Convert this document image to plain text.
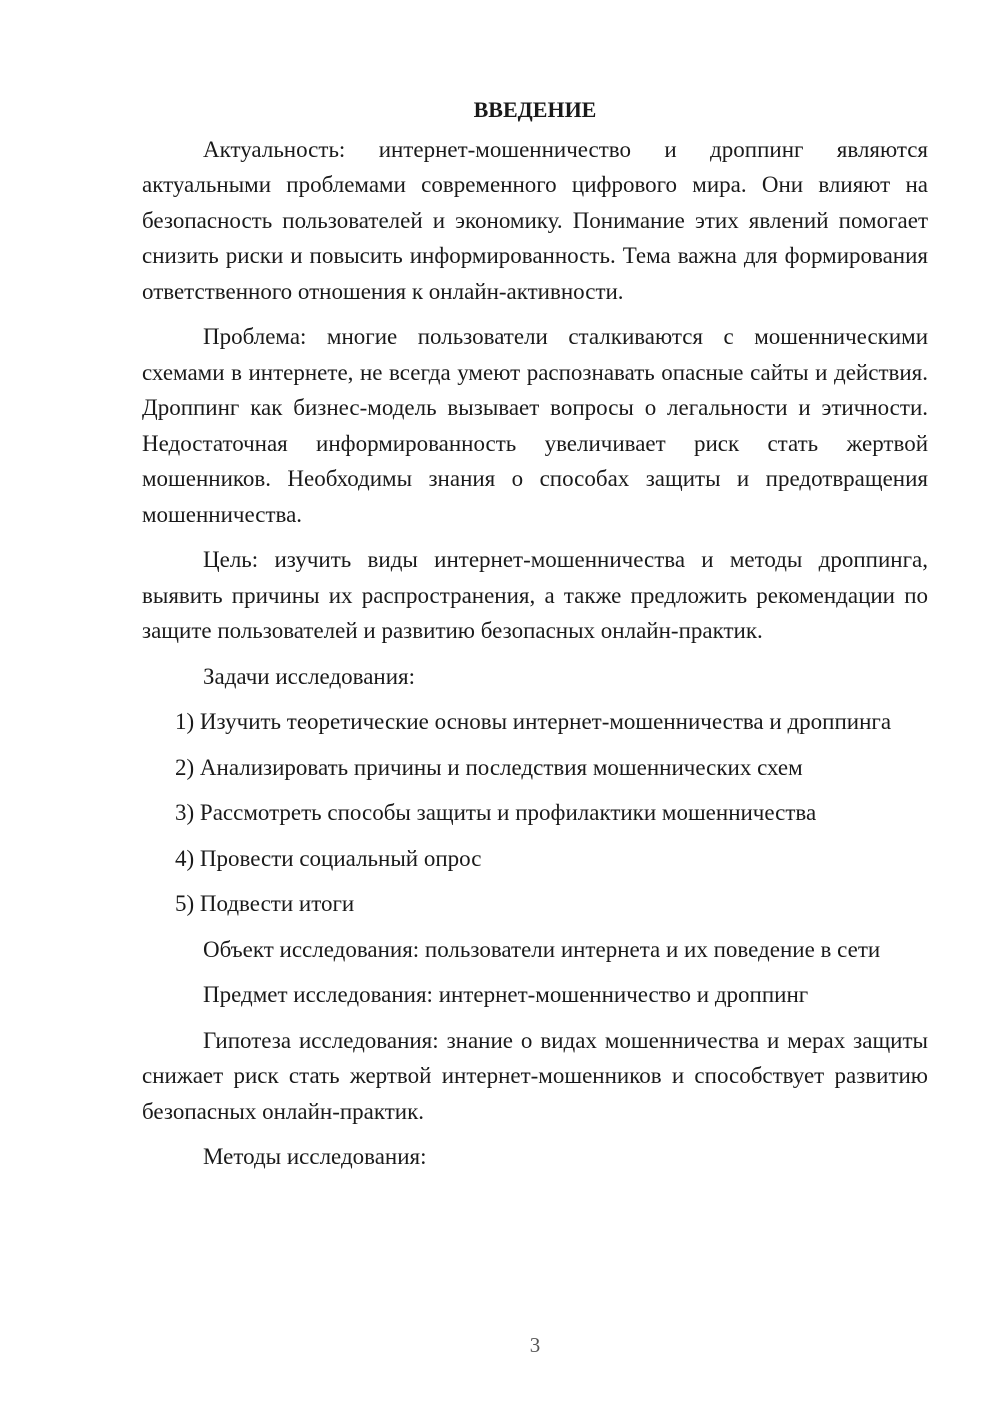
ВВЕДЕНИЕ

Актуальность: интернет-мошенничество и дроппинг являются актуальными проблемами современного цифрового мира. Они влияют на безопасность пользователей и экономику. Понимание этих явлений помогает снизить риски и повысить информированность. Тема важна для формирования ответственного отношения к онлайн-активности.

Проблема: многие пользователи сталкиваются с мошенническими схемами в интернете, не всегда умеют распознавать опасные сайты и действия. Дроппинг как бизнес-модель вызывает вопросы о легальности и этичности. Недостаточная информированность увеличивает риск стать жертвой мошенников. Необходимы знания о способах защиты и предотвращения мошенничества.

Цель: изучить виды интернет-мошенничества и методы дроппинга, выявить причины их распространения, а также предложить рекомендации по защите пользователей и развитию безопасных онлайн-практик.

Задачи исследования:

1) Изучить теоретические основы интернет-мошенничества и дроппинга

2) Анализировать причины и последствия мошеннических схем

3) Рассмотреть способы защиты и профилактики мошенничества

4) Провести социальный опрос

5) Подвести итоги

Объект исследования: пользователи интернета и их поведение в сети

Предмет исследования: интернет-мошенничество и дроппинг

Гипотеза исследования: знание о видах мошенничества и мерах защиты снижает риск стать жертвой интернет-мошенников и способствует развитию безопасных онлайн-практик.

Методы исследования:

3
